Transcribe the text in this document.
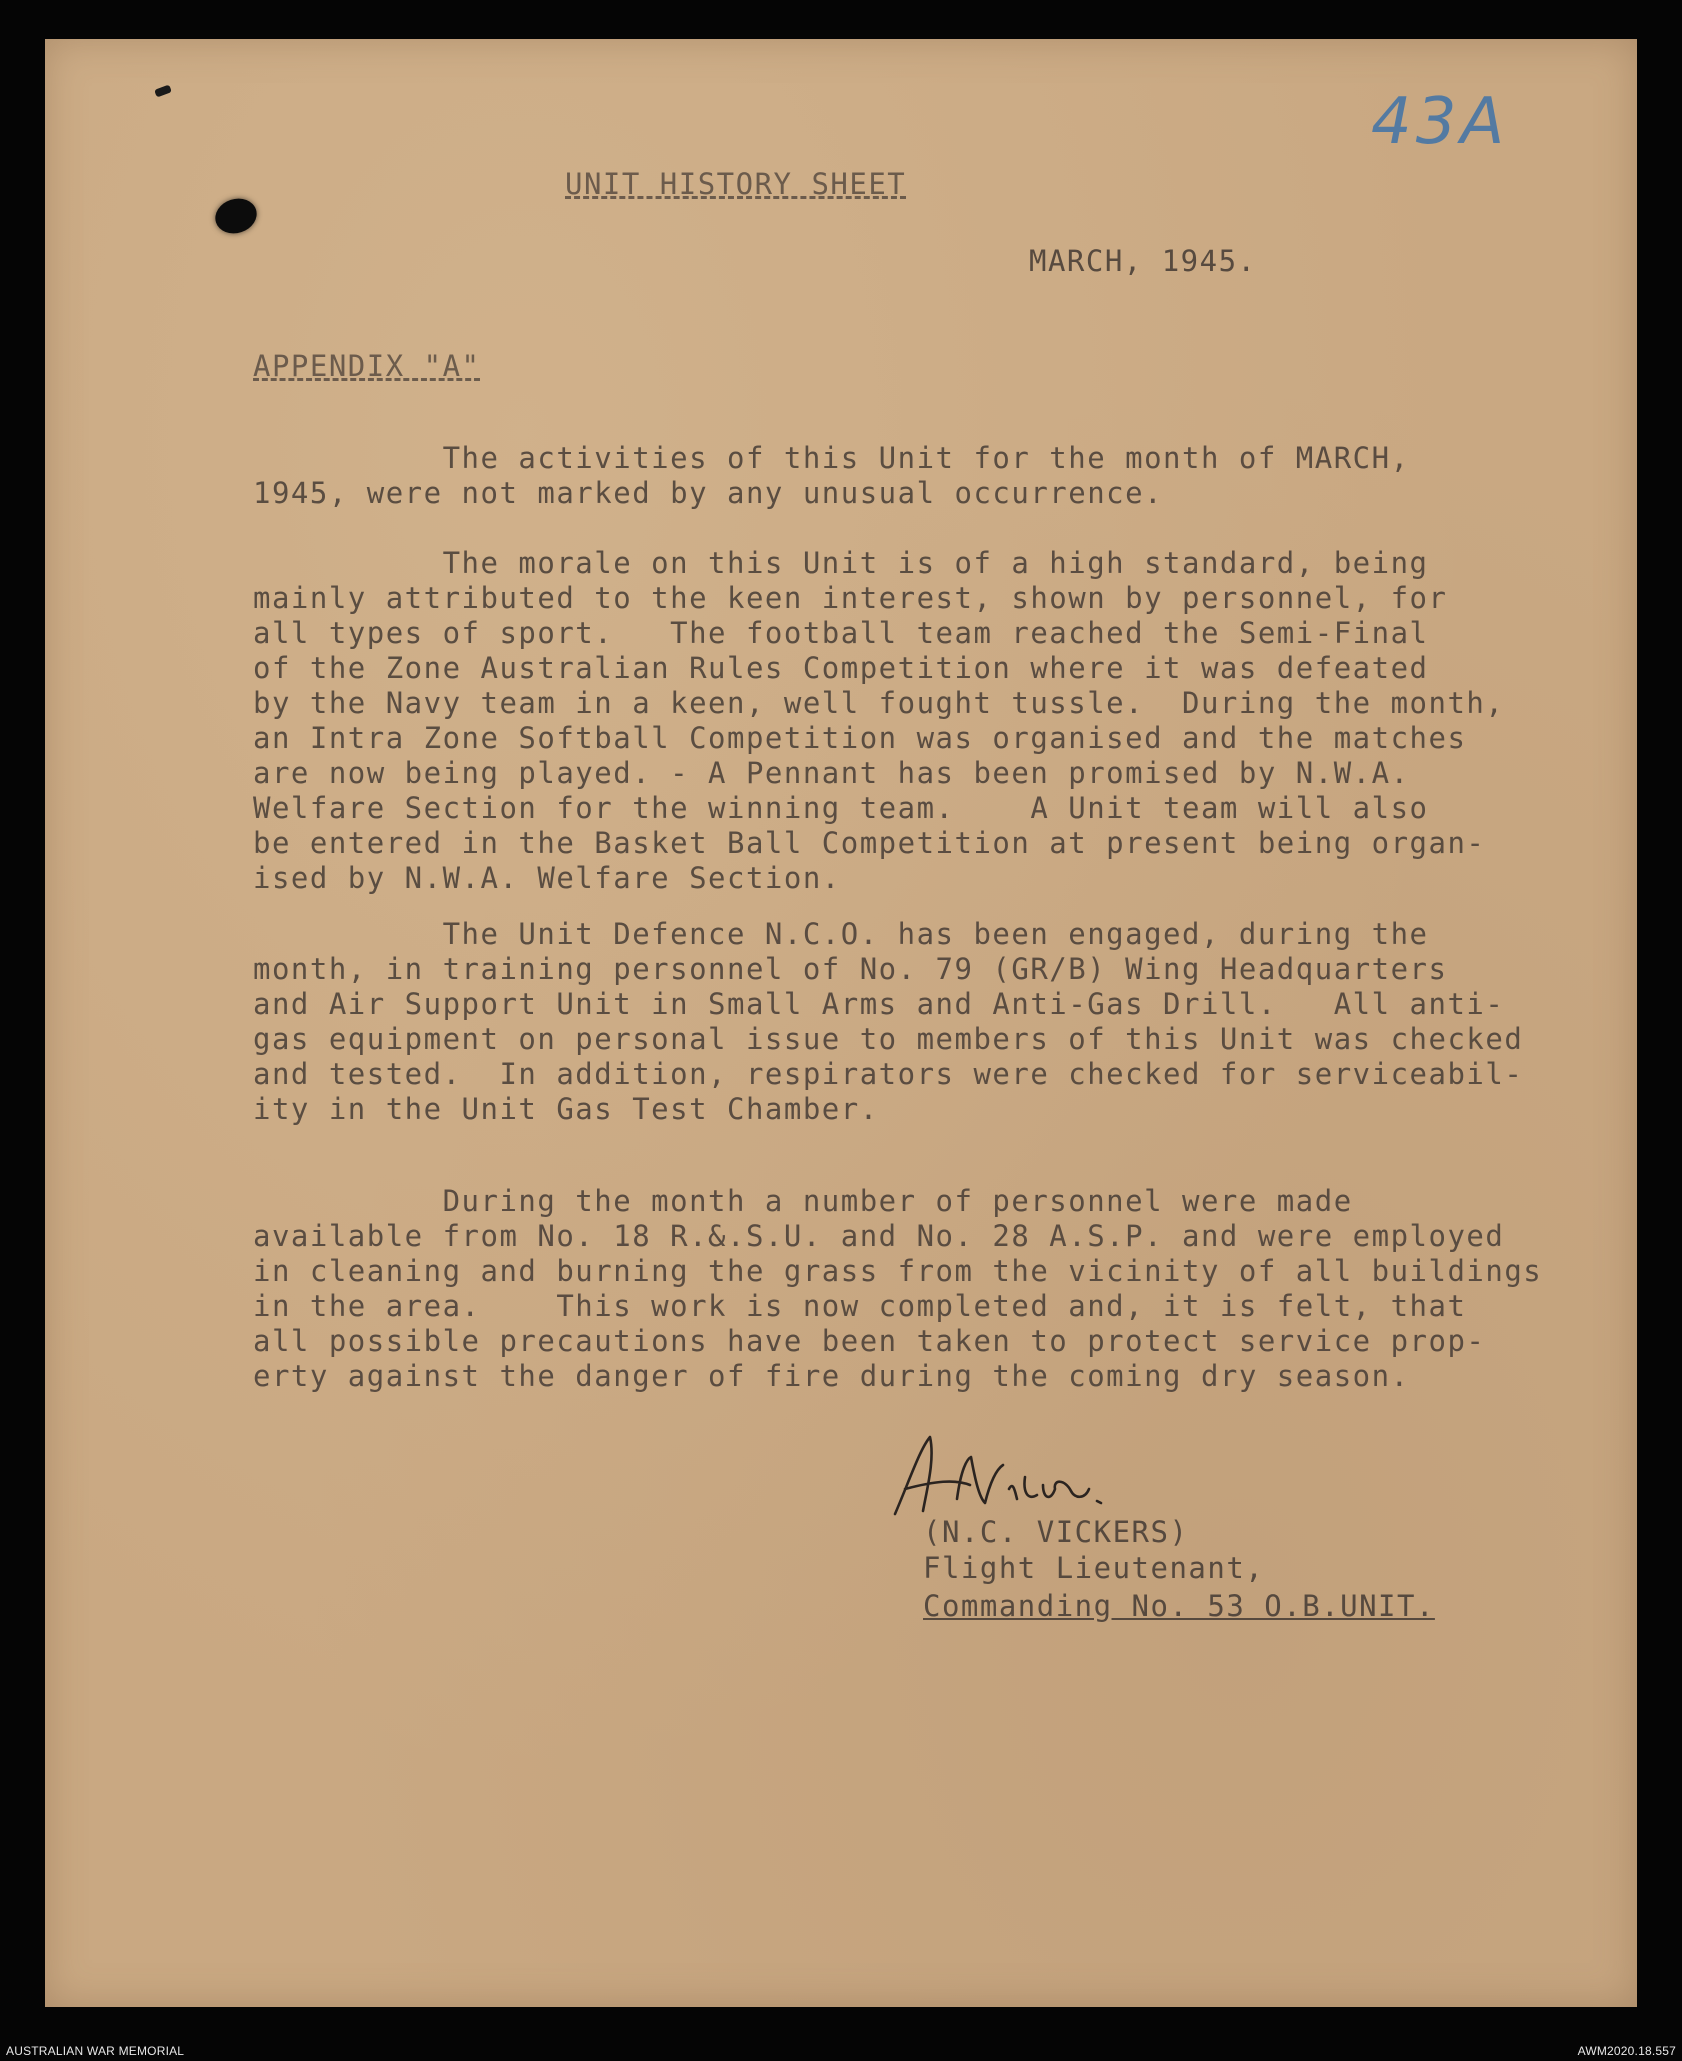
43A
UNIT HISTORY SHEET
MARCH, 1945.
APPENDIX "A"
The activities of this Unit for the month of MARCH,
1945, were not marked by any unusual occurrence.
The morale on this Unit is of a high standard, being
mainly attributed to the keen interest, shown by personnel, for
all types of sport.   The football team reached the Semi-Final
of the Zone Australian Rules Competition where it was defeated
by the Navy team in a keen, well fought tussle.  During the month,
an Intra Zone Softball Competition was organised and the matches
are now being played. - A Pennant has been promised by N.W.A.
Welfare Section for the winning team.    A Unit team will also
be entered in the Basket Ball Competition at present being organ-
ised by N.W.A. Welfare Section.
The Unit Defence N.C.O. has been engaged, during the
month, in training personnel of No. 79 (GR/B) Wing Headquarters
and Air Support Unit in Small Arms and Anti-Gas Drill.   All anti-
gas equipment on personal issue to members of this Unit was checked
and tested.  In addition, respirators were checked for serviceabil-
ity in the Unit Gas Test Chamber.
During the month a number of personnel were made
available from No. 18 R.&.S.U. and No. 28 A.S.P. and were employed
in cleaning and burning the grass from the vicinity of all buildings
in the area.    This work is now completed and, it is felt, that
all possible precautions have been taken to protect service prop-
erty against the danger of fire during the coming dry season.
(N.C. VICKERS)
Flight Lieutenant,
Commanding No. 53 O.B.UNIT.
AUSTRALIAN WAR MEMORIAL	AWM2020.18.557
